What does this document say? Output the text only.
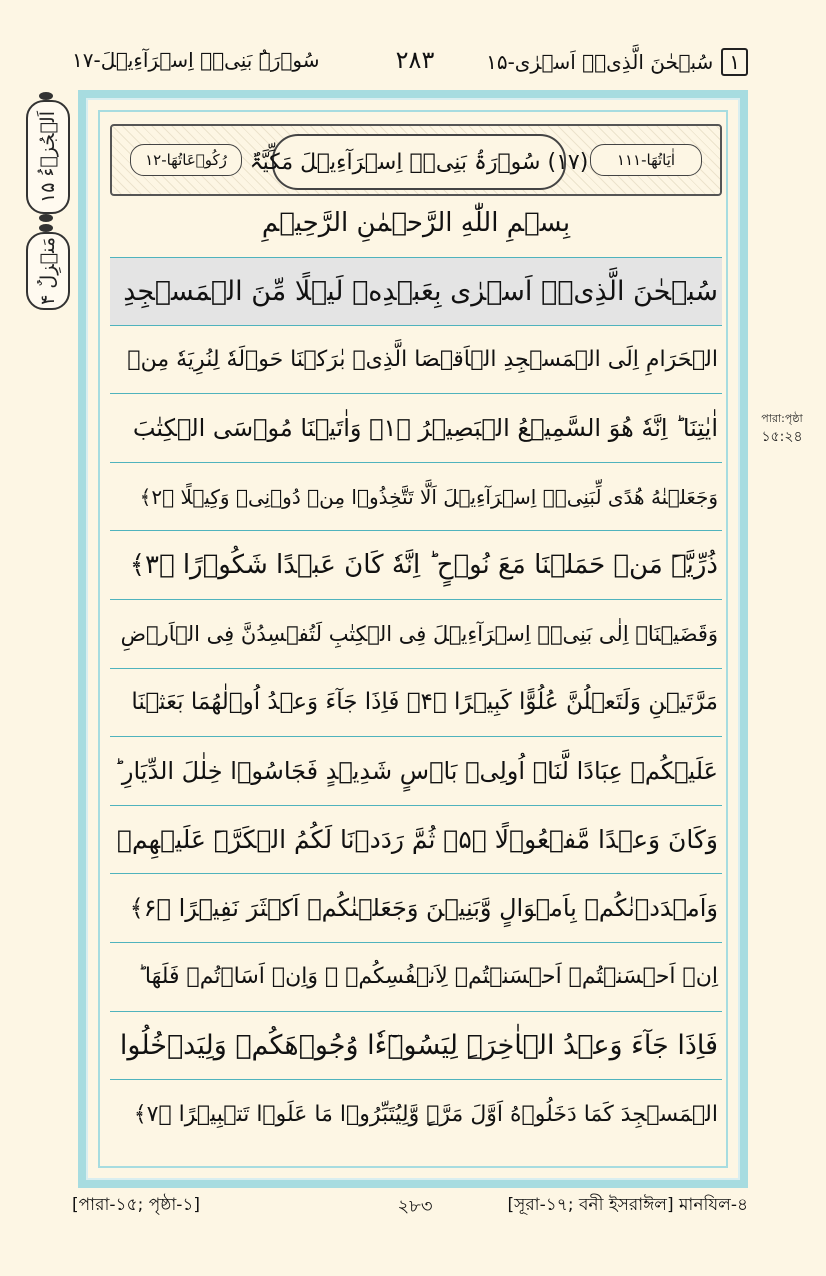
۱سُبۡحٰنَ الَّذِیۡۤ اَسۡرٰی-۱۵
۲۸۳
سُوۡرَۃُ بَنِیۡۤ اِسۡرَآءِیۡلَ-۱۷
اَلۡجُزۡءُ ۱۵
مَنۡزِلٌ ۴
পারা:পৃষ্ঠা
১৫:২৪
اٰیَاتُهَا-۱۱۱
(۱۷) سُوۡرَۃُ بَنِیۡۤ اِسۡرَآءِیۡلَ مَکِّیَّۃٌ
رُکُوۡعَاتُهَا-۱۲
بِسۡمِ اللّٰهِ الرَّحۡمٰنِ الرَّحِیۡمِ
سُبۡحٰنَ الَّذِیۡۤ اَسۡرٰی بِعَبۡدِهٖ لَیۡلًا مِّنَ الۡمَسۡجِدِ
الۡحَرَامِ اِلَی الۡمَسۡجِدِ الۡاَقۡصَا الَّذِیۡ بٰرَکۡنَا حَوۡلَهٗ لِنُرِیَهٗ مِنۡ
اٰیٰتِنَا ؕ اِنَّهٗ هُوَ السَّمِیۡعُ الۡبَصِیۡرُ ﴿۱﴾ وَاٰتَیۡنَا مُوۡسَی الۡکِتٰبَ
وَجَعَلۡنٰهُ هُدًی لِّبَنِیۡۤ اِسۡرَآءِیۡلَ اَلَّا تَتَّخِذُوۡا مِنۡ دُوۡنِیۡ وَکِیۡلًا ﴿۲﴾
ذُرِّیَّۃَ مَنۡ حَمَلۡنَا مَعَ نُوۡحٍ ؕ اِنَّهٗ کَانَ عَبۡدًا شَکُوۡرًا ﴿۳﴾
وَقَضَیۡنَاۤ اِلٰی بَنِیۡۤ اِسۡرَآءِیۡلَ فِی الۡکِتٰبِ لَتُفۡسِدُنَّ فِی الۡاَرۡضِ
مَرَّتَیۡنِ وَلَتَعۡلُنَّ عُلُوًّا کَبِیۡرًا ﴿۴﴾ فَاِذَا جَآءَ وَعۡدُ اُوۡلٰهُمَا بَعَثۡنَا
عَلَیۡکُمۡ عِبَادًا لَّنَاۤ اُولِیۡ بَاۡسٍ شَدِیۡدٍ فَجَاسُوۡا خِلٰلَ الدِّیَارِ ؕ
وَکَانَ وَعۡدًا مَّفۡعُوۡلًا ﴿۵﴾ ثُمَّ رَدَدۡنَا لَکُمُ الۡکَرَّۃَ عَلَیۡهِمۡ
وَاَمۡدَدۡنٰکُمۡ بِاَمۡوَالٍ وَّبَنِیۡنَ وَجَعَلۡنٰکُمۡ اَکۡثَرَ نَفِیۡرًا ﴿۶﴾
اِنۡ اَحۡسَنۡتُمۡ اَحۡسَنۡتُمۡ لِاَنۡفُسِکُمۡ ۟ وَاِنۡ اَسَاۡتُمۡ فَلَهَا ؕ
فَاِذَا جَآءَ وَعۡدُ الۡاٰخِرَۃِ لِیَسُوۡٓءٗا وُجُوۡهَکُمۡ وَلِیَدۡخُلُوا
الۡمَسۡجِدَ کَمَا دَخَلُوۡهُ اَوَّلَ مَرَّۃٍ وَّلِیُتَبِّرُوۡا مَا عَلَوۡا تَتۡبِیۡرًا ﴿۷﴾
[পারা-১৫; পৃষ্ঠা-১]	২৮৩	[সূরা-১৭; বনী ইসরাঈল] মানযিল-৪
